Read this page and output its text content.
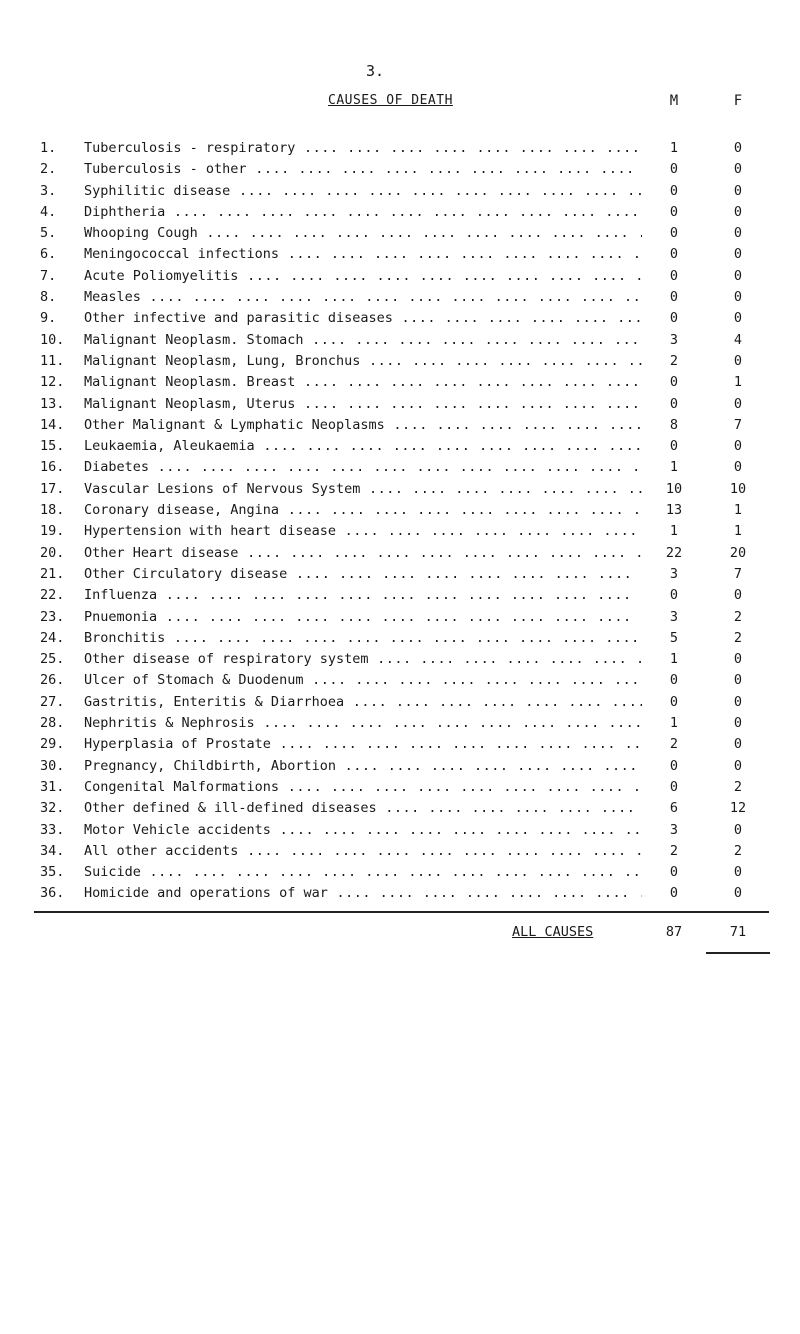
3.
CAUSES OF DEATH	M	F
1. Tuberculosis - respiratory ....	1	0
2. Tuberculosis - other ....	0	0
3. Syphilitic disease ....	0	0
4. Diphtheria ....	0	0
5. Whooping Cough ....	0	0
6. Meningococcal infections ....	0	0
7. Acute Poliomyelitis ....	0	0
8. Measles ....	0	0
9. Other infective and parasitic diseases ....	0	0
10. Malignant Neoplasm. Stomach ....	3	4
11. Malignant Neoplasm, Lung, Bronchus ....	2	0
12. Malignant Neoplasm. Breast ....	0	1
13. Malignant Neoplasm, Uterus ....	0	0
14. Other Malignant & Lymphatic Neoplasms ....	8	7
15. Leukaemia, Aleukaemia ....	0	0
16. Diabetes ....	1	0
17. Vascular Lesions of Nervous System ....	10	10
18. Coronary disease, Angina ....	13	1
19. Hypertension with heart disease ....	1	1
20. Other Heart disease ....	22	20
21. Other Circulatory disease ....	3	7
22. Influenza ....	0	0
23. Pnuemonia ....	3	2
24. Bronchitis ....	5	2
25. Other disease of respiratory system ....	1	0
26. Ulcer of Stomach & Duodenum ....	0	0
27. Gastritis, Enteritis & Diarrhoea ....	0	0
28. Nephritis & Nephrosis ....	1	0
29. Hyperplasia of Prostate ....	2	0
30. Pregnancy, Childbirth, Abortion ....	0	0
31. Congenital Malformations ....	0	2
32. Other defined & ill-defined diseases ....	6	12
33. Motor Vehicle accidents ....	3	0
34. All other accidents ....	2	2
35. Suicide ....	0	0
36. Homicide and operations of war ....	0	0
ALL CAUSES	87	71
